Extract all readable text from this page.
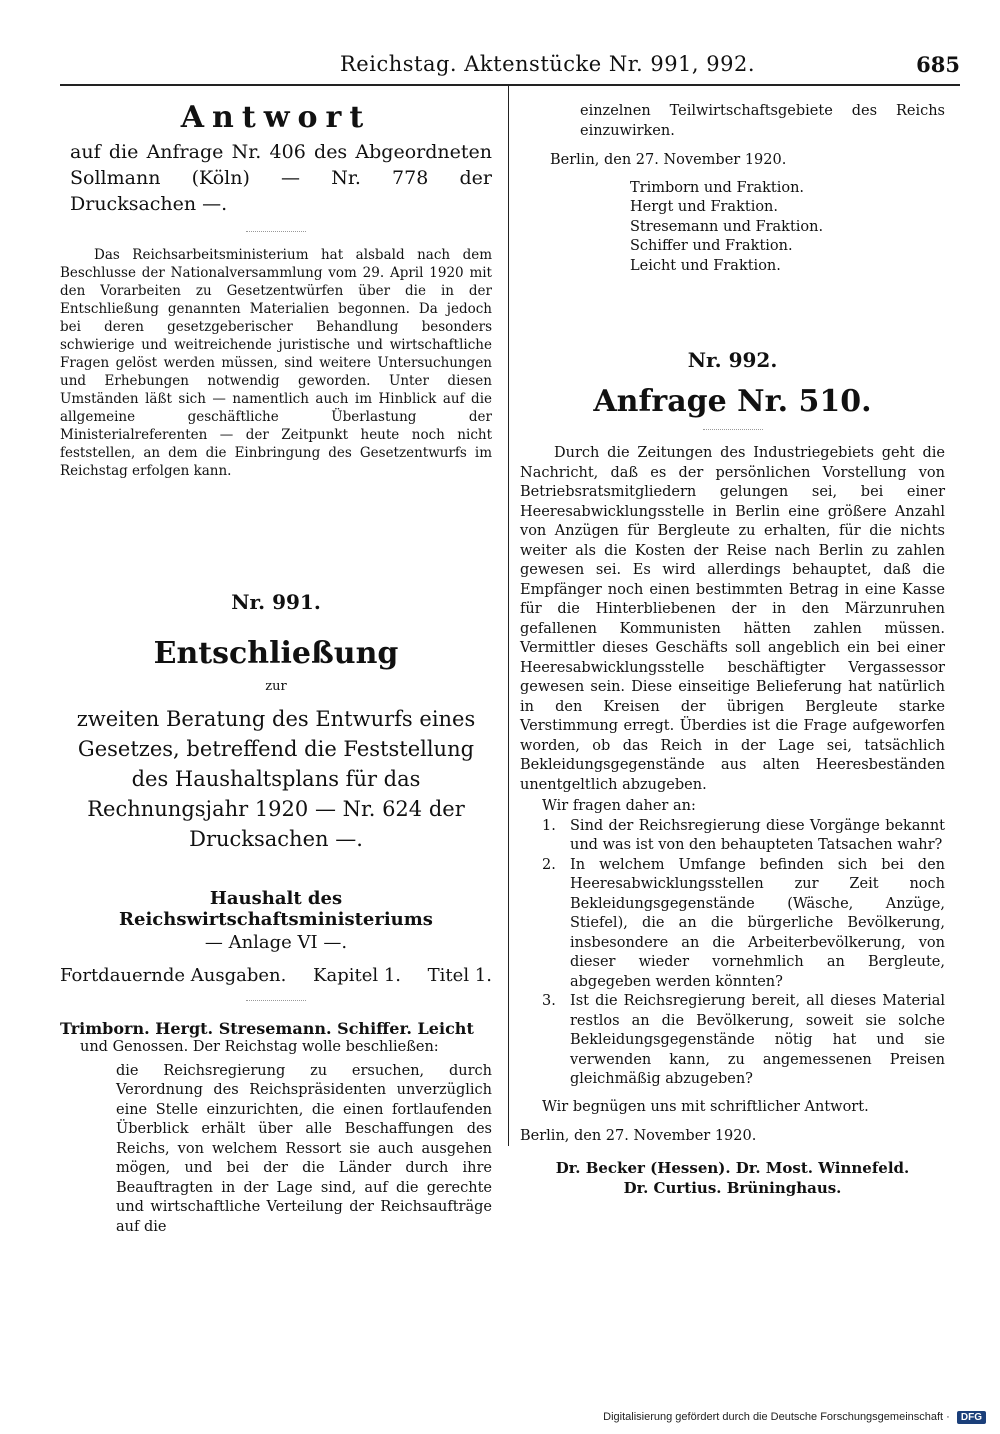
Reichstag. Aktenstücke Nr. 991, 992.	685
Antwort

auf die Anfrage Nr. 406 des Abgeordneten Sollmann (Köln) — Nr. 778 der Drucksachen —.

Das Reichsarbeitsministerium hat alsbald nach dem Beschlusse der Nationalversammlung vom 29. April 1920 mit den Vorarbeiten zu Gesetzentwürfen über die in der Entschließung genannten Materialien begonnen. Da jedoch bei deren gesetzgeberischer Behandlung besonders schwierige und weitreichende juristische und wirtschaftliche Fragen gelöst werden müssen, sind weitere Untersuchungen und Erhebungen notwendig geworden. Unter diesen Umständen läßt sich — namentlich auch im Hinblick auf die allgemeine geschäftliche Überlastung der Ministerialreferenten — der Zeitpunkt heute noch nicht feststellen, an dem die Einbringung des Gesetzentwurfs im Reichstag erfolgen kann.

Nr. 991.
Entschließung
zur

zweiten Beratung des Entwurfs eines Gesetzes, betreffend die Feststellung des Haushaltsplans für das Rechnungsjahr 1920 — Nr. 624 der Drucksachen —.

Haushalt des Reichswirtschaftsministeriums
— Anlage VI —.
Fortdauernde Ausgaben. Kapitel 1. Titel 1.
Trimborn. Hergt. Stresemann. Schiffer. Leicht
und Genossen. Der Reichstag wolle beschließen:

die Reichsregierung zu ersuchen, durch Verordnung des Reichspräsidenten unverzüglich eine Stelle einzurichten, die einen fortlaufenden Überblick erhält über alle Beschaffungen des Reichs, von welchem Ressort sie auch ausgehen mögen, und bei der die Länder durch ihre Beauftragten in der Lage sind, auf die gerechte und wirtschaftliche Verteilung der Reichsaufträge auf die

einzelnen Teilwirtschaftsgebiete des Reichs einzuwirken.

Berlin, den 27. November 1920.
Trimborn und Fraktion.
Hergt und Fraktion.
Stresemann und Fraktion.
Schiffer und Fraktion.
Leicht und Fraktion.
Nr. 992.
Anfrage Nr. 510.

Durch die Zeitungen des Industriegebiets geht die Nachricht, daß es der persönlichen Vorstellung von Betriebsratsmitgliedern gelungen sei, bei einer Heeresabwicklungsstelle in Berlin eine größere Anzahl von Anzügen für Bergleute zu erhalten, für die nichts weiter als die Kosten der Reise nach Berlin zu zahlen gewesen sei. Es wird allerdings behauptet, daß die Empfänger noch einen bestimmten Betrag in eine Kasse für die Hinterbliebenen der in den Märzunruhen gefallenen Kommunisten hätten zahlen müssen. Vermittler dieses Geschäfts soll angeblich ein bei einer Heeresabwicklungsstelle beschäftigter Vergassessor gewesen sein. Diese einseitige Belieferung hat natürlich in den Kreisen der übrigen Bergleute starke Verstimmung erregt. Überdies ist die Frage aufgeworfen worden, ob das Reich in der Lage sei, tatsächlich Bekleidungsgegenstände aus alten Heeresbeständen unentgeltlich abzugeben.

Wir fragen daher an:
1. Sind der Reichsregierung diese Vorgänge bekannt und was ist von den behaupteten Tatsachen wahr?
2. In welchem Umfange befinden sich bei den Heeresabwicklungsstellen zur Zeit noch Bekleidungsgegenstände (Wäsche, Anzüge, Stiefel), die an die bürgerliche Bevölkerung, insbesondere an die Arbeiterbevölkerung, von dieser wieder vornehmlich an Bergleute, abgegeben werden könnten?
3. Ist die Reichsregierung bereit, all dieses Material restlos an die Bevölkerung, soweit sie solche Bekleidungsgegenstände nötig hat und sie verwenden kann, zu angemessenen Preisen gleichmäßig abzugeben?
Wir begnügen uns mit schriftlicher Antwort.
Berlin, den 27. November 1920.
Dr. Becker (Hessen). Dr. Most. Winnefeld.
Dr. Curtius. Brüninghaus.
Digitalisierung gefördert durch die Deutsche Forschungsgemeinschaft · DFG
